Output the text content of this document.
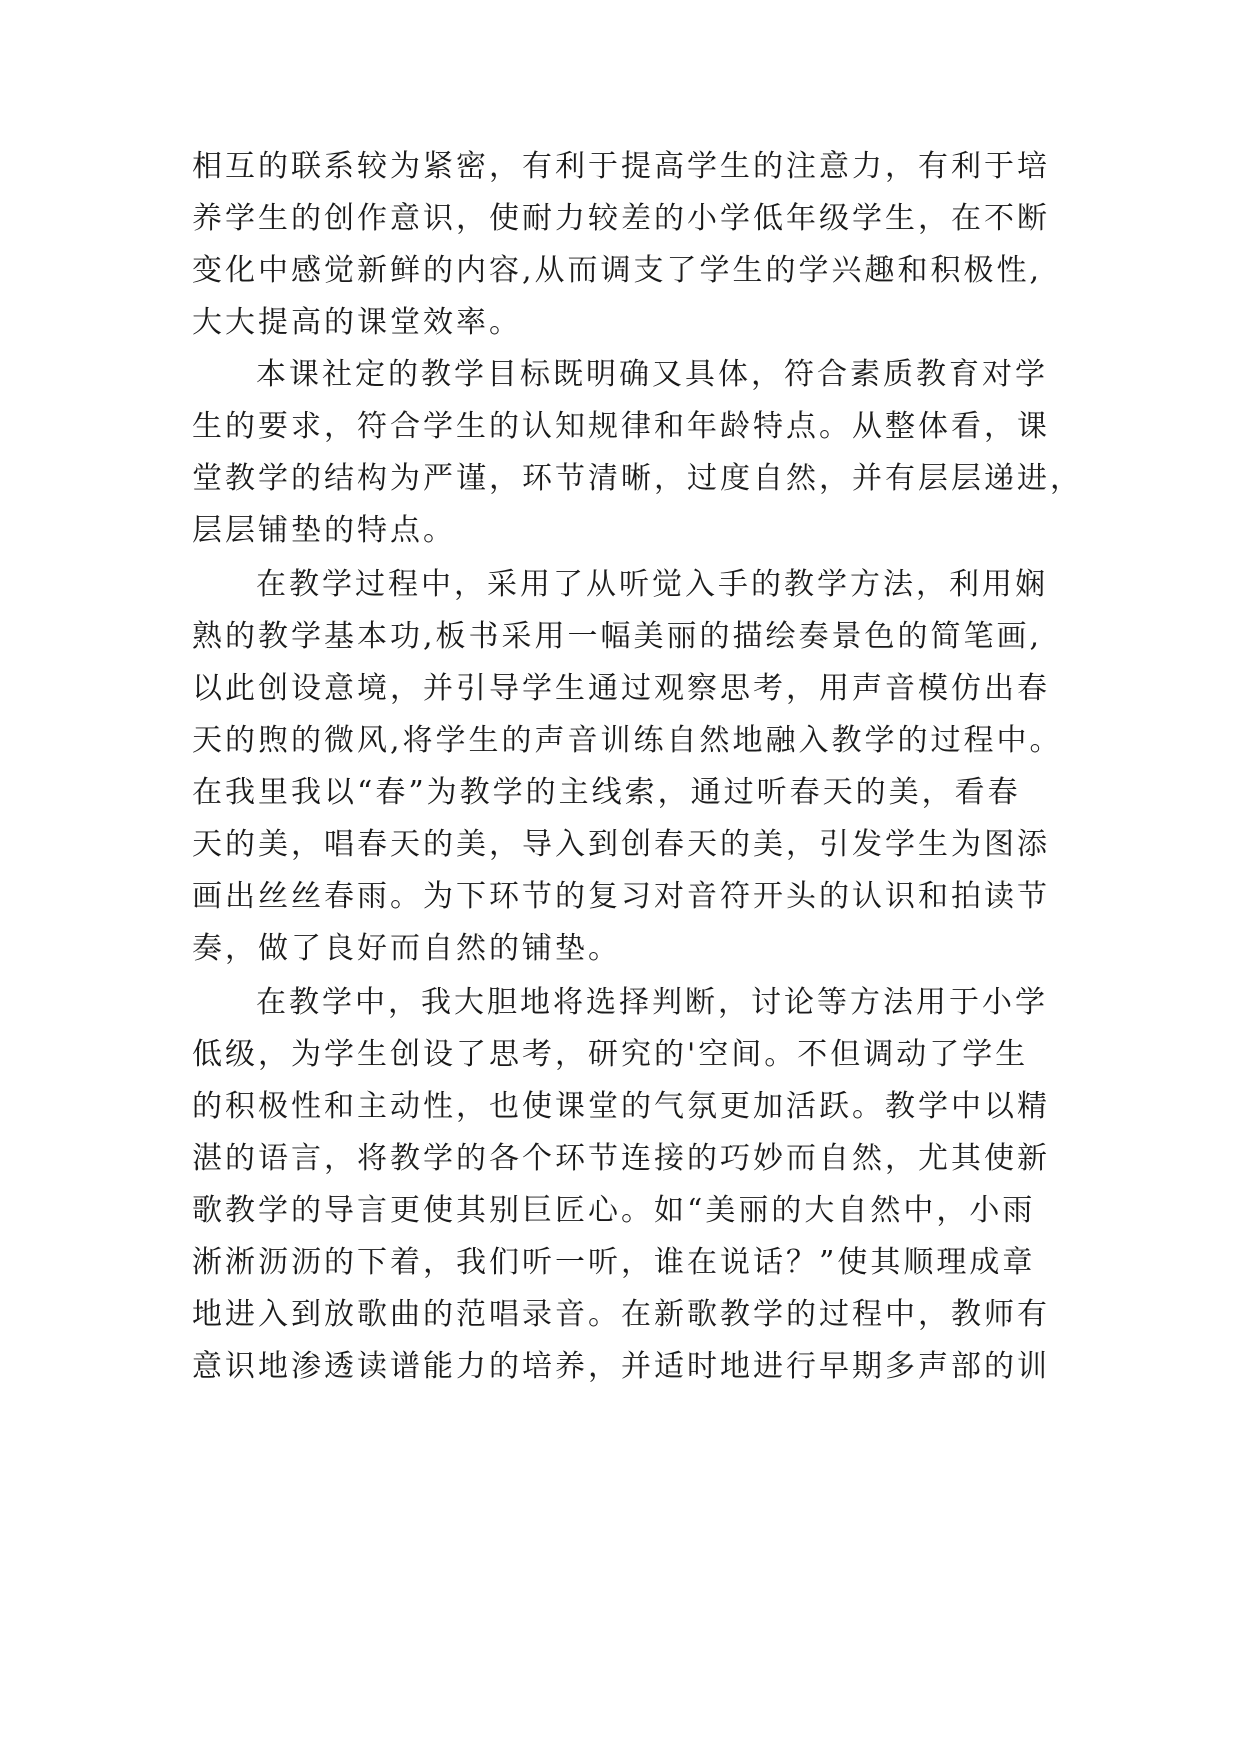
相互的联系较为紧密，有利于提高学生的注意力，有利于培

养学生的创作意识，使耐力较差的小学低年级学生，在不断

变化中感觉新鲜的内容,从而调支了学生的学兴趣和积极性,

大大提高的课堂效率。

本课社定的教学目标既明确又具体，符合素质教育对学

生的要求，符合学生的认知规律和年龄特点。从整体看，课

堂教学的结构为严谨，环节清晰，过度自然，并有层层递进，

层层铺垫的特点。

在教学过程中，采用了从听觉入手的教学方法，利用娴

熟的教学基本功,板书采用一幅美丽的描绘奏景色的简笔画,

以此创设意境，并引导学生通过观察思考，用声音模仿出春

天的煦的微风,将学生的声音训练自然地融入教学的过程中。

在我里我以“春”为教学的主线索，通过听春天的美，看春

天的美，唱春天的美，导入到创春天的美，引发学生为图添

画出丝丝春雨。为下环节的复习对音符开头的认识和拍读节

奏，做了良好而自然的铺垫。

在教学中，我大胆地将选择判断，讨论等方法用于小学

低级，为学生创设了思考，研究的'空间。不但调动了学生

的积极性和主动性，也使课堂的气氛更加活跃。教学中以精

湛的语言，将教学的各个环节连接的巧妙而自然，尤其使新

歌教学的导言更使其别巨匠心。如“美丽的大自然中，小雨

淅淅沥沥的下着，我们听一听，谁在说话？”使其顺理成章

地进入到放歌曲的范唱录音。在新歌教学的过程中，教师有

意识地渗透读谱能力的培养，并适时地进行早期多声部的训
